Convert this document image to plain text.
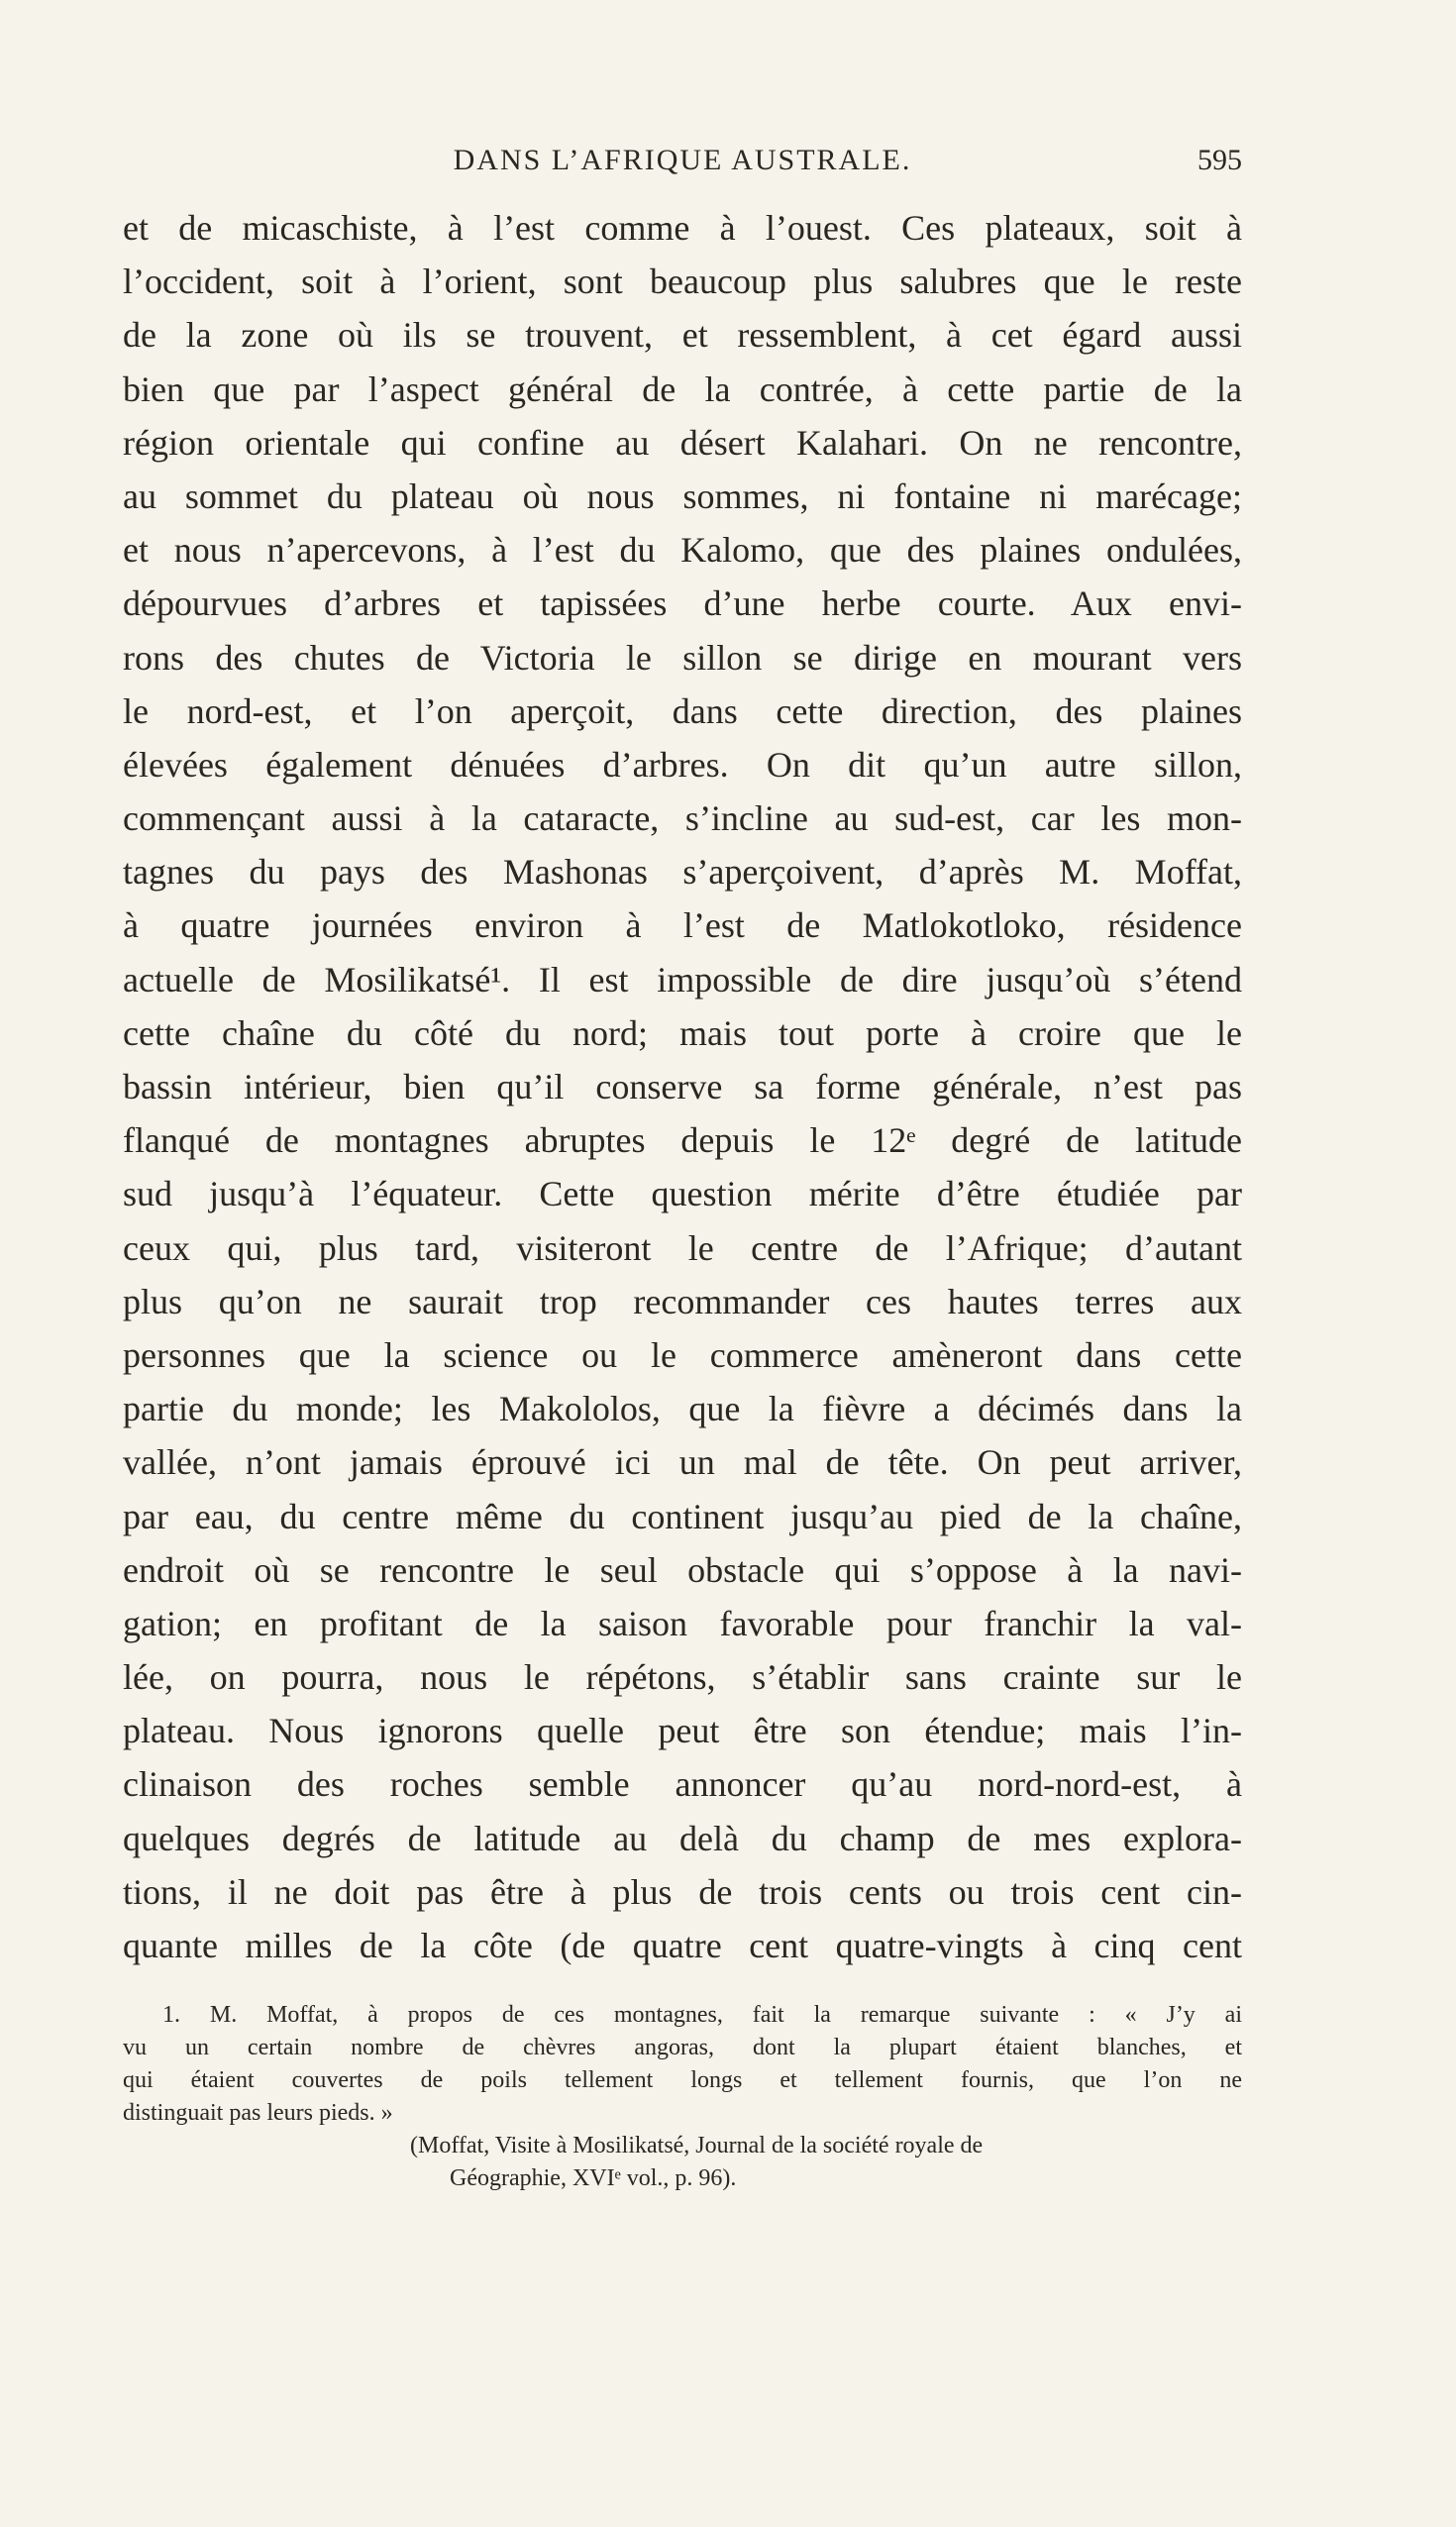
DANS L’AFRIQUE AUSTRALE.	595
et de micaschiste, à l’est comme à l’ouest. Ces plateaux, soit à
l’occident, soit à l’orient, sont beaucoup plus salubres que le reste
de la zone où ils se trouvent, et ressemblent, à cet égard aussi
bien que par l’aspect général de la contrée, à cette partie de la
région orientale qui confine au désert Kalahari. On ne rencontre,
au sommet du plateau où nous sommes, ni fontaine ni marécage;
et nous n’apercevons, à l’est du Kalomo, que des plaines ondulées,
dépourvues d’arbres et tapissées d’une herbe courte. Aux envi-
rons des chutes de Victoria le sillon se dirige en mourant vers
le nord-est, et l’on aperçoit, dans cette direction, des plaines
élevées également dénuées d’arbres. On dit qu’un autre sillon,
commençant aussi à la cataracte, s’incline au sud-est, car les mon-
tagnes du pays des Mashonas s’aperçoivent, d’après M. Moffat,
à quatre journées environ à l’est de Matlokotloko, résidence
actuelle de Mosilikatsé¹. Il est impossible de dire jusqu’où s’étend
cette chaîne du côté du nord; mais tout porte à croire que le
bassin intérieur, bien qu’il conserve sa forme générale, n’est pas
flanqué de montagnes abruptes depuis le 12ᵉ degré de latitude
sud jusqu’à l’équateur. Cette question mérite d’être étudiée par
ceux qui, plus tard, visiteront le centre de l’Afrique; d’autant
plus qu’on ne saurait trop recommander ces hautes terres aux
personnes que la science ou le commerce amèneront dans cette
partie du monde; les Makololos, que la fièvre a décimés dans la
vallée, n’ont jamais éprouvé ici un mal de tête. On peut arriver,
par eau, du centre même du continent jusqu’au pied de la chaîne,
endroit où se rencontre le seul obstacle qui s’oppose à la navi-
gation; en profitant de la saison favorable pour franchir la val-
lée, on pourra, nous le répétons, s’établir sans crainte sur le
plateau. Nous ignorons quelle peut être son étendue; mais l’in-
clinaison des roches semble annoncer qu’au nord-nord-est, à
quelques degrés de latitude au delà du champ de mes explora-
tions, il ne doit pas être à plus de trois cents ou trois cent cin-
quante milles de la côte (de quatre cent quatre-vingts à cinq cent
1. M. Moffat, à propos de ces montagnes, fait la remarque suivante : « J’y ai
vu un certain nombre de chèvres angoras, dont la plupart étaient blanches, et
qui étaient couvertes de poils tellement longs et tellement fournis, que l’on ne
distinguait pas leurs pieds. »
(Moffat, Visite à Mosilikatsé, Journal de la société royale de
Géographie, XVIᵉ vol., p. 96).
